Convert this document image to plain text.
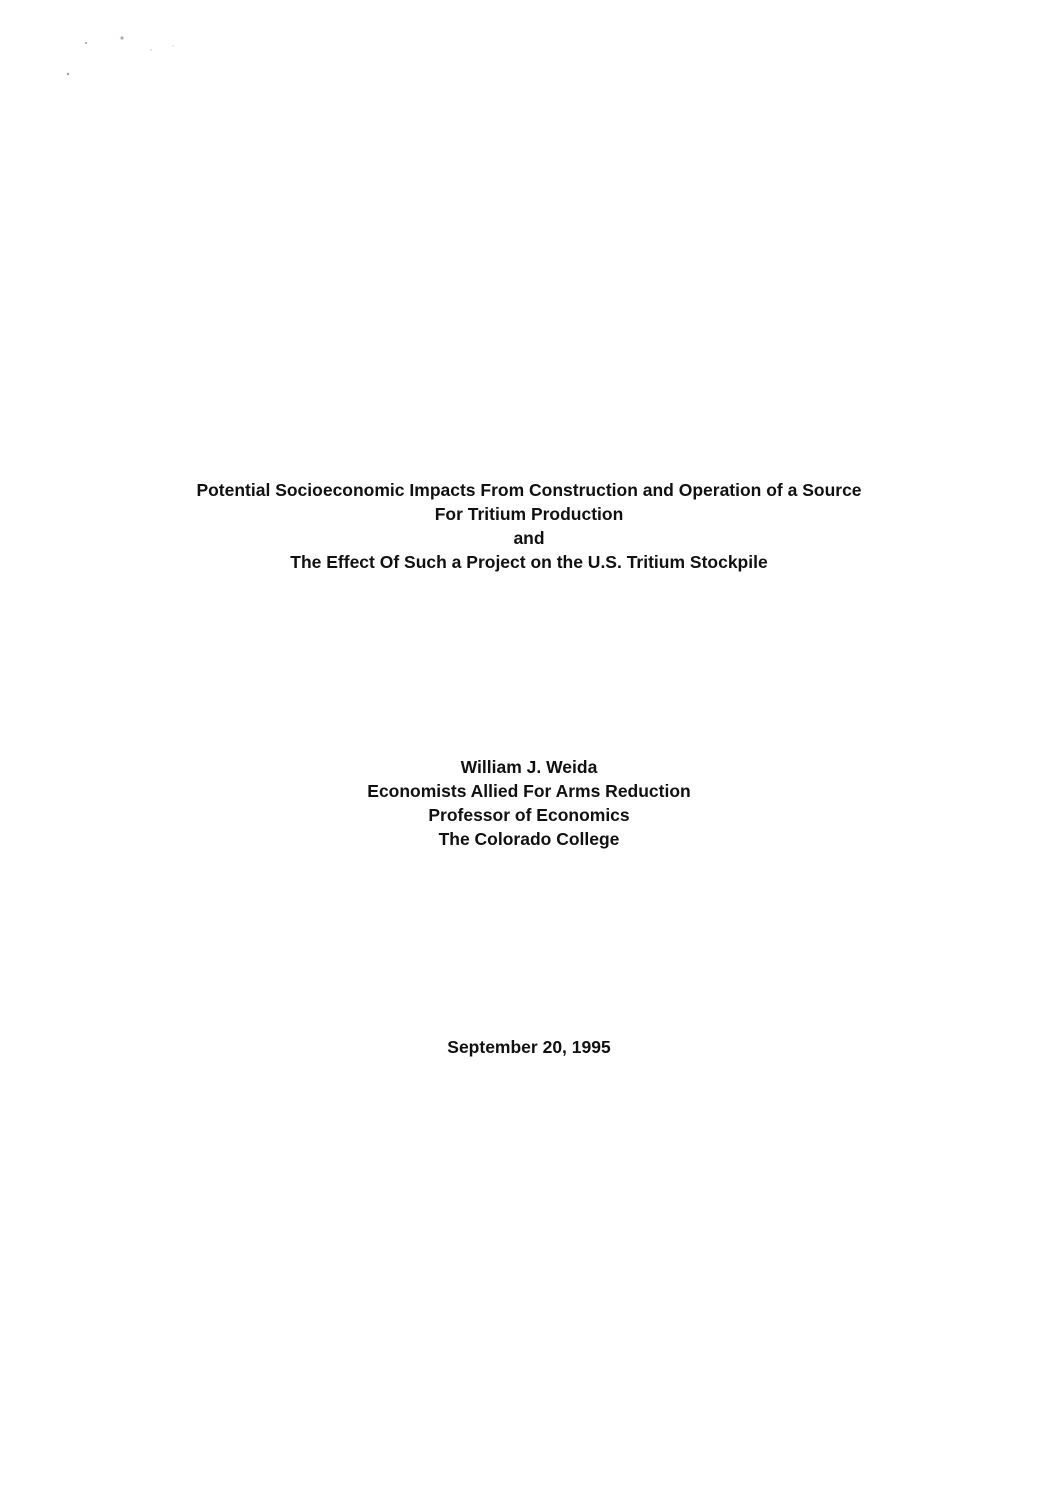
Potential Socioeconomic Impacts From Construction and Operation of a Source
For Tritium Production
and
The Effect Of Such a Project on the U.S. Tritium Stockpile
William J. Weida
Economists Allied For Arms Reduction
Professor of Economics
The Colorado College
September 20, 1995
